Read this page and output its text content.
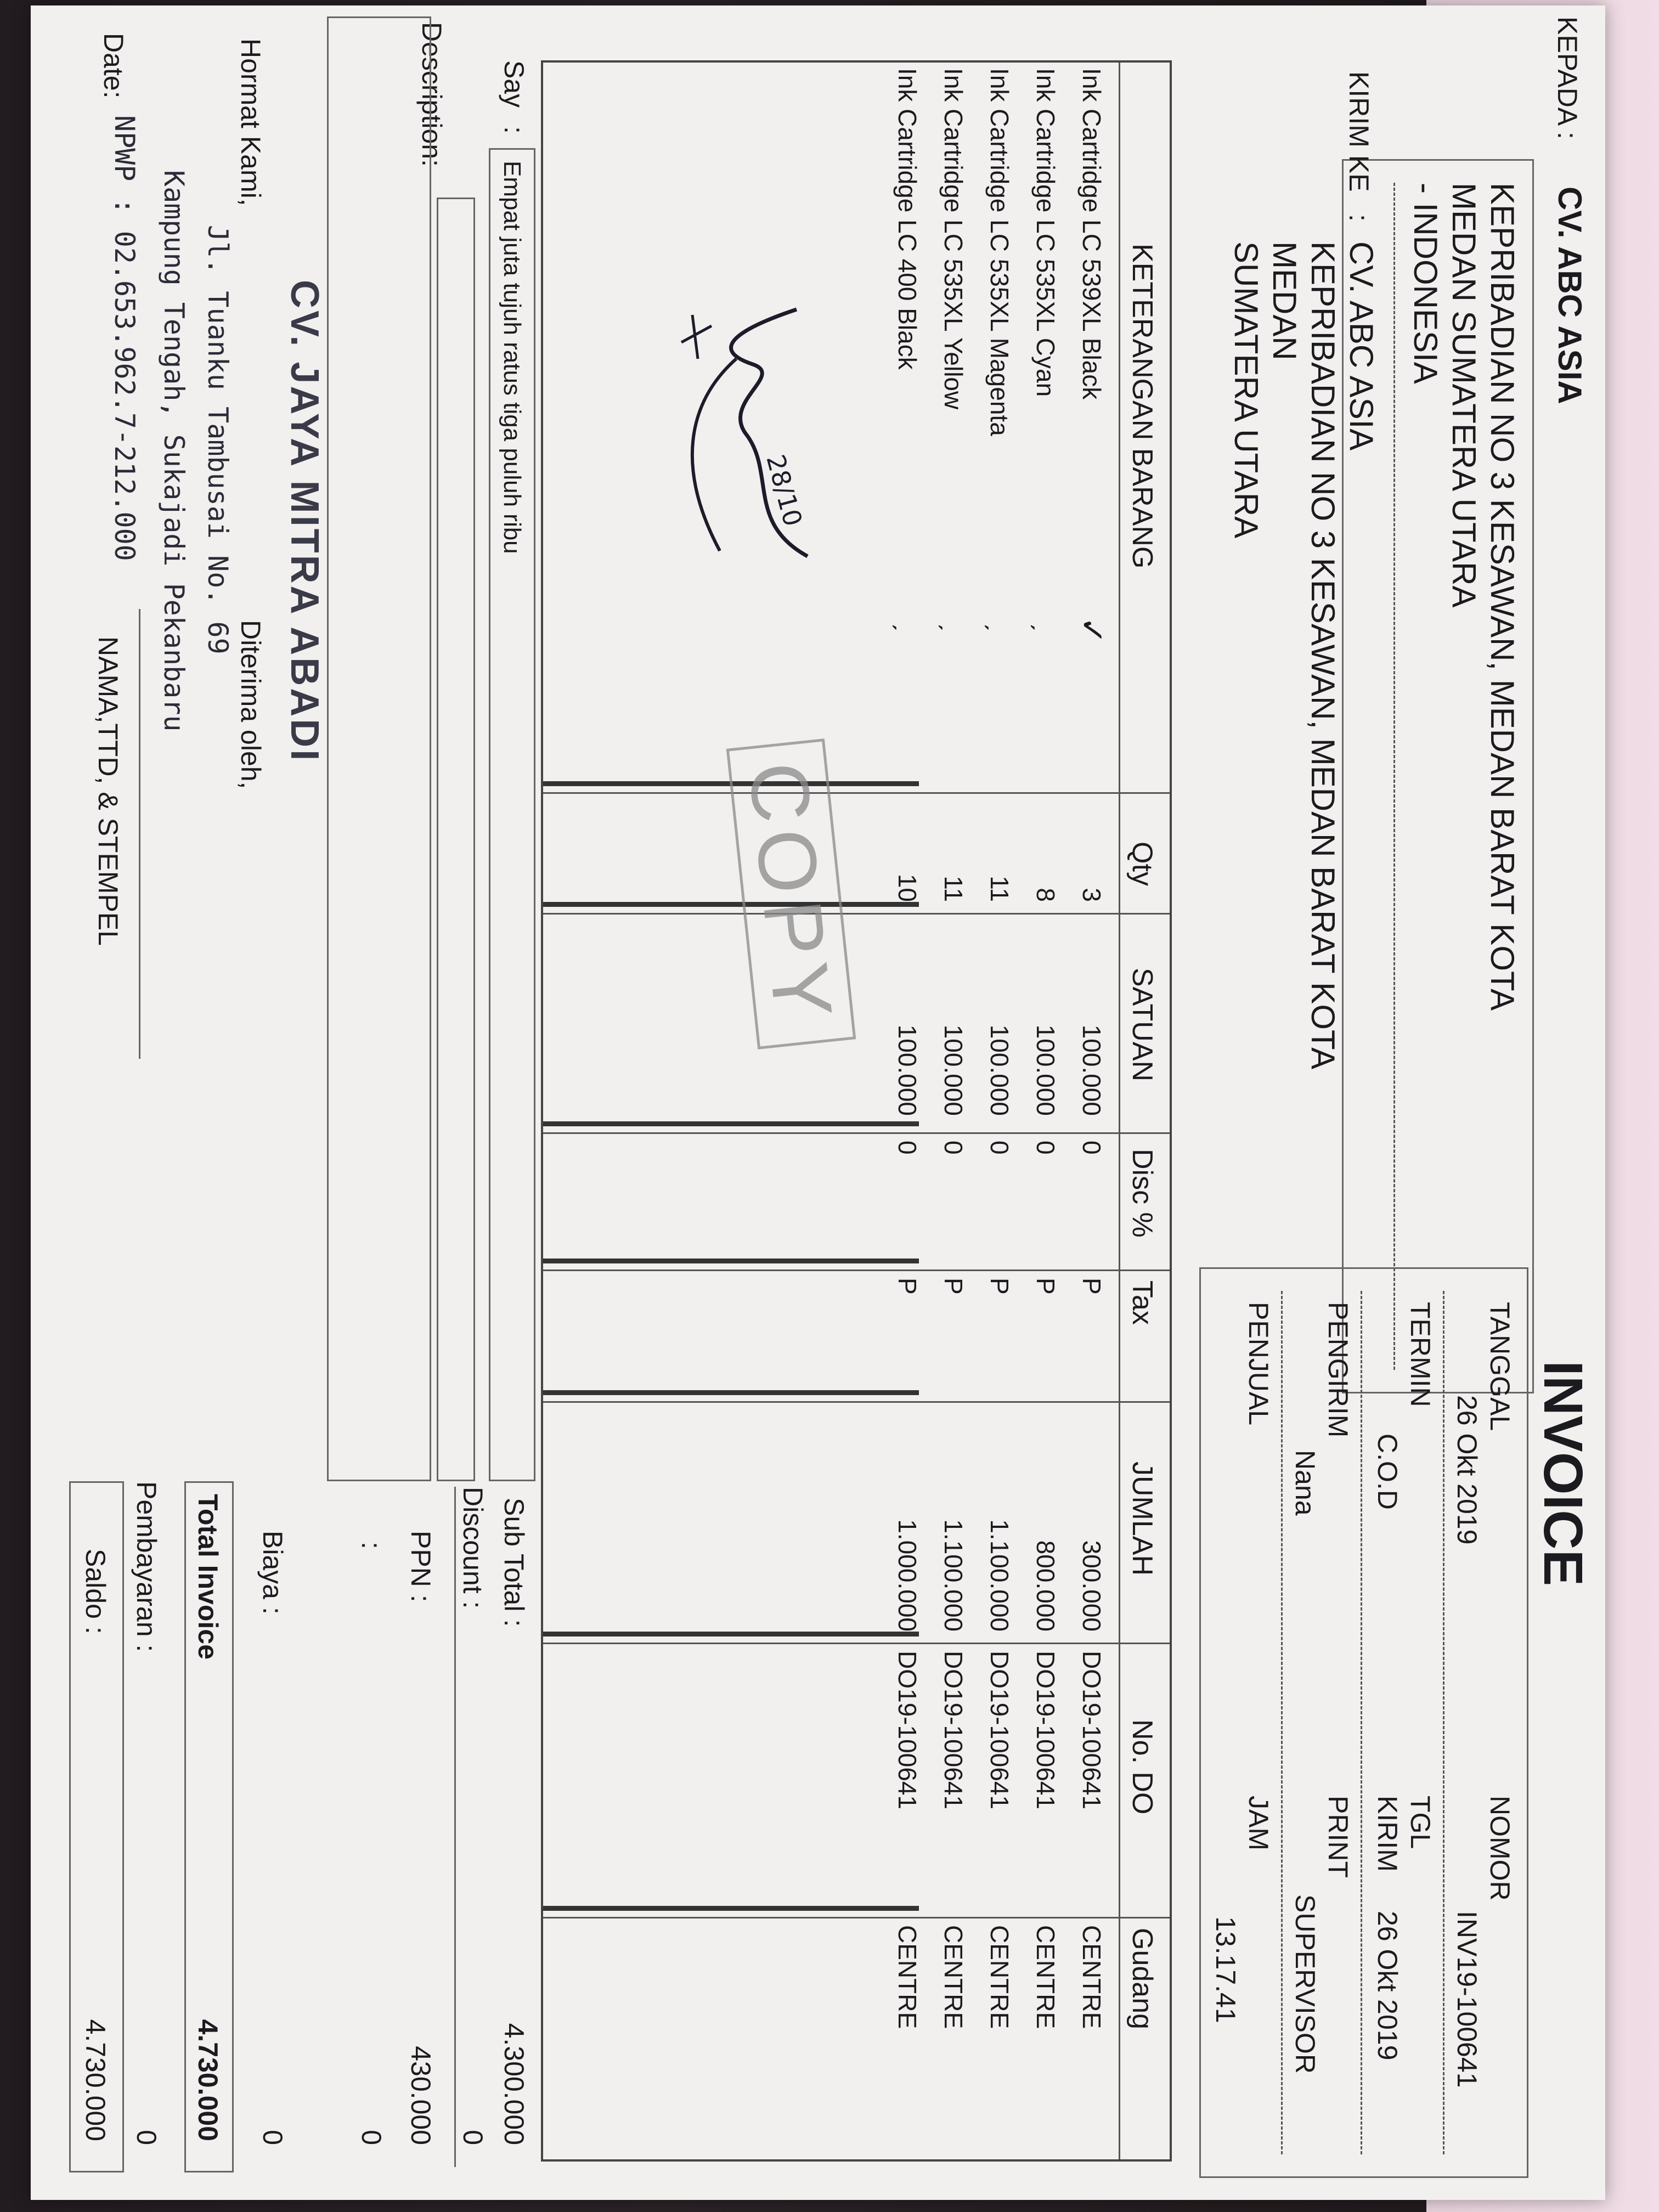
KEPADA
:
CV. ABC ASIA
KEPRIBADIAN NO 3 KESAWAN, MEDAN BARAT KOTA
MEDAN SUMATERA UTARA
- INDONESIA
KIRIM KE
:
CV. ABC ASIA
KEPRIBADIAN NO 3 KESAWAN, MEDAN BARAT KOTA
MEDAN
SUMATERA UTARA
INVOICE
TANGGAL
26 Okt 2019
NOMOR
INV19-100641
TERMIN
C.O.D
TGL
KIRIM
26 Okt 2019
PENGIRIM
Nana
PRINT
SUPERVISOR
PENJUAL
JAM
13.17.41
KETERANGAN BARANG
Qty
SATUAN
Disc %
Tax
JUMLAH
No. DO
Gudang
Ink Cartridge LC 539XL Black
✓
3
100.000
0
P
300.000
DO19-100641
CENTRE
Ink Cartridge LC 535XL Cyan
ˏ
8
100.000
0
P
800.000
DO19-100641
CENTRE
Ink Cartridge LC 535XL Magenta
ˏ
11
100.000
0
P
1.100.000
DO19-100641
CENTRE
Ink Cartridge LC 535XL Yellow
ˏ
11
100.000
0
P
1.100.000
DO19-100641
CENTRE
Ink Cartridge LC 400 Black
ˏ
10
100.000
0
P
1.000.000
DO19-100641
CENTRE
COPY
28/10
Say
:
Empat juta tujuh ratus tiga puluh ribu
Description:
Sub Total :
4.300.000
Discount :
0
PPN :
430.000
:
0
Biaya :
0
Total Invoice
4.730.000
Pembayaran :
0
Saldo :
4.730.000
Hormat Kami,
CV. JAYA MITRA ABADI
Jl. Tuanku Tambusai No. 69
Kampung Tengah, Sukajadi Pekanbaru
NPWP : 02.653.962.7-212.000
Date:
Diterima oleh,
NAMA,TTD, & STEMPEL
